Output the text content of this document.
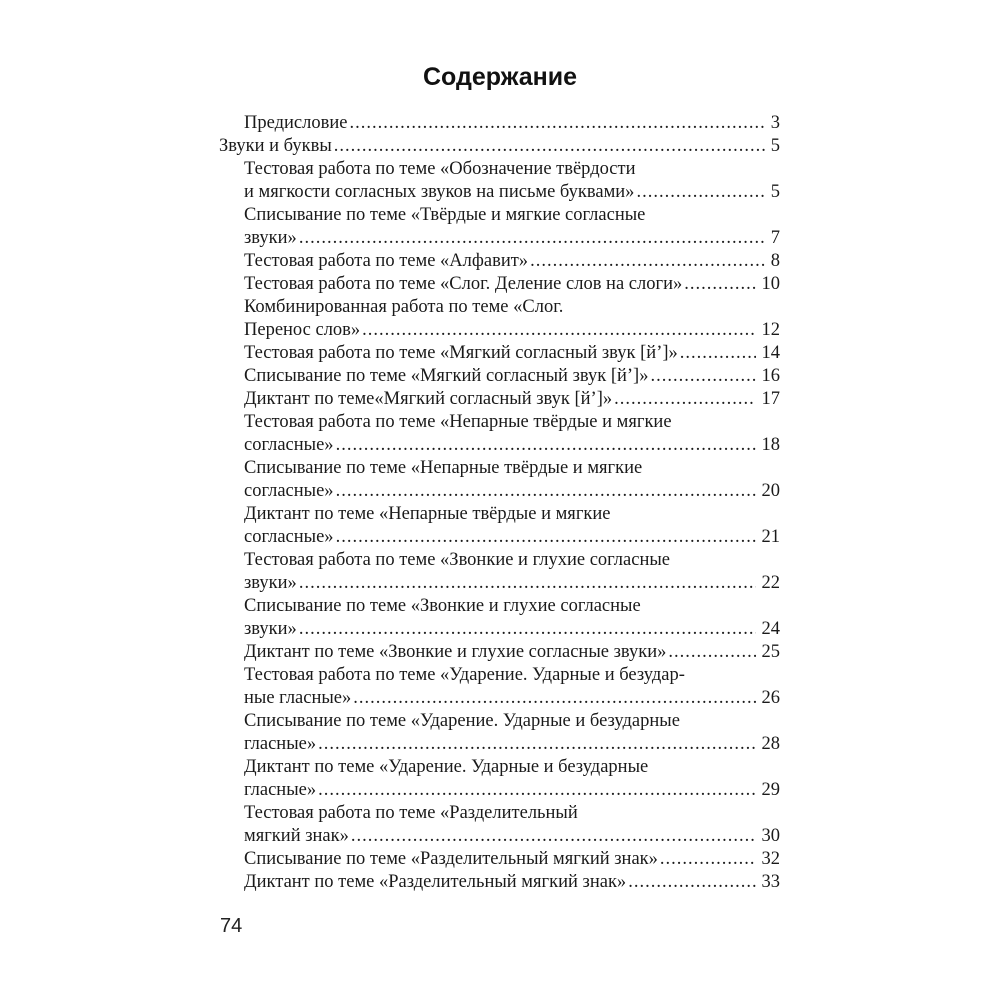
Содержание
Предисловие .....	3
Звуки и буквы .....	5
Тестовая работа по теме «Обозначение твёрдости
и мягкости согласных звуков на письме буквами» .....	5
Списывание по теме «Твёрдые и мягкие согласные
звуки» .....	7
Тестовая работа по теме «Алфавит» .....	8
Тестовая работа по теме «Слог. Деление слов на слоги» .....	10
Комбинированная работа по теме «Слог.
Перенос слов» .....	12
Тестовая работа по теме «Мягкий согласный звук [й’]» .....	14
Списывание по теме «Мягкий согласный звук [й’]» .....	16
Диктант по теме«Мягкий согласный звук [й’]» .....	17
Тестовая работа по теме «Непарные твёрдые и мягкие
согласные» .....	18
Списывание по теме «Непарные твёрдые и мягкие
согласные» .....	20
Диктант по теме «Непарные твёрдые и мягкие
согласные» .....	21
Тестовая работа по теме «Звонкие и глухие согласные
звуки» .....	22
Списывание по теме «Звонкие и глухие согласные
звуки» .....	24
Диктант по теме «Звонкие и глухие согласные звуки» .....	25
Тестовая работа по теме «Ударение. Ударные и безудар-
ные гласные» .....	26
Списывание по теме «Ударение. Ударные и безударные
гласные» .....	28
Диктант по теме «Ударение. Ударные и безударные
гласные» .....	29
Тестовая работа по теме «Разделительный
мягкий знак» .....	30
Списывание по теме «Разделительный мягкий знак» .....	32
Диктант по теме «Разделительный мягкий знак» .....	33
74
